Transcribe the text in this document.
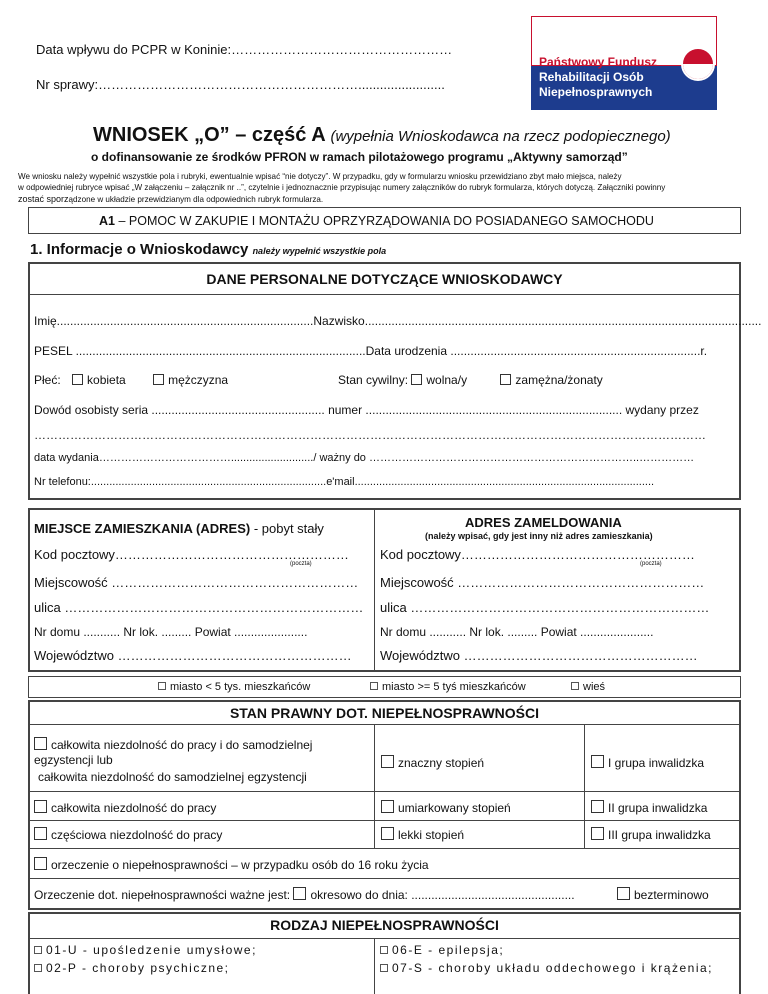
Data wpływu do PCPR w Koninie:……………………………………………
Nr sprawy:……………………………………………………........................
Państwowy Fundusz
Rehabilitacji Osób
Niepełnosprawnych
WNIOSEK „O” – część A (wypełnia Wnioskodawca na rzecz podopiecznego)
o dofinansowanie ze środków PFRON w ramach pilotażowego programu „Aktywny samorząd”
We wniosku należy wypełnić wszystkie pola i rubryki, ewentualnie wpisać “nie dotyczy”. W przypadku, gdy w formularzu wniosku przewidziano zbyt mało miejsca, należy
w odpowiedniej rubryce wpisać „W załączeniu – załącznik nr ..”, czytelnie i jednoznacznie przypisując numery załączników do rubryk formularza, których dotyczą. Załączniki powinny
zostać sporządzone w układzie przewidzianym dla odpowiednich rubryk formularza.
A1 – POMOC W ZAKUPIE I MONTAŻU OPRZYRZĄDOWANIA DO POSIADANEGO SAMOCHODU
1. Informacje o Wnioskodawcy należy wypełnić wszystkie pola
DANE PERSONALNE DOTYCZĄCE WNIOSKODAWCY
Imię.............................................................................Nazwisko.......................................................................................................................
PESEL .......................................................................................Data urodzenia ...........................................................................r.
Płeć: kobieta	mężczyzna	Stan cywilny: wolna/y	zamężna/żonaty
Dowód osobisty seria .................................................... numer ............................................................................. wydany przez
……………………………………………………………………………………………………………………………………………………
data wydania……………………………….........................../ ważny do ………………………………………………………………..……………
Nr telefonu:.............................................................................e'mail..................................................................................................
MIEJSCE ZAMIESZKANIA (ADRES) - pobyt stały	ADRES ZAMELDOWANIA
(należy wpisać, gdy jest inny niż adres zamieszkania)
Kod pocztowy………………………………………………
(poczta)
Kod pocztowy………………………………………………
(poczta)
Miejscowość ………………………………………………… Miejscowość …………………………………………………
ulica …………………………………………………………… ulica ……………………………………………………………
Nr domu ........... Nr lok. ......... Powiat ......................	Nr domu ........... Nr lok. ......... Powiat ......................
Województwo ……………………………………………… Województwo ………………………………………………
miasto < 5 tys. mieszkańców	miasto >= 5 tyś mieszkańców	wieś
STAN PRAWNY DOT. NIEPEŁNOSPRAWNOŚCI
całkowita niezdolność do pracy i do samodzielnej
egzystencji lub
całkowita niezdolność do samodzielnej egzystencji
znaczny stopień	I grupa inwalidzka
całkowita niezdolność do pracy	umiarkowany stopień	II grupa inwalidzka
częściowa niezdolność do pracy	lekki stopień	III grupa inwalidzka
orzeczenie o niepełnosprawności – w przypadku osób do 16 roku życia
Orzeczenie dot. niepełnosprawności ważne jest: okresowo do dnia: .................................................	bezterminowo
RODZAJ NIEPEŁNOSPRAWNOŚCI
01-U - upośledzenie umysłowe;
02-P - choroby psychiczne;
06-E - epilepsja;
07-S - choroby układu oddechowego i krążenia;
